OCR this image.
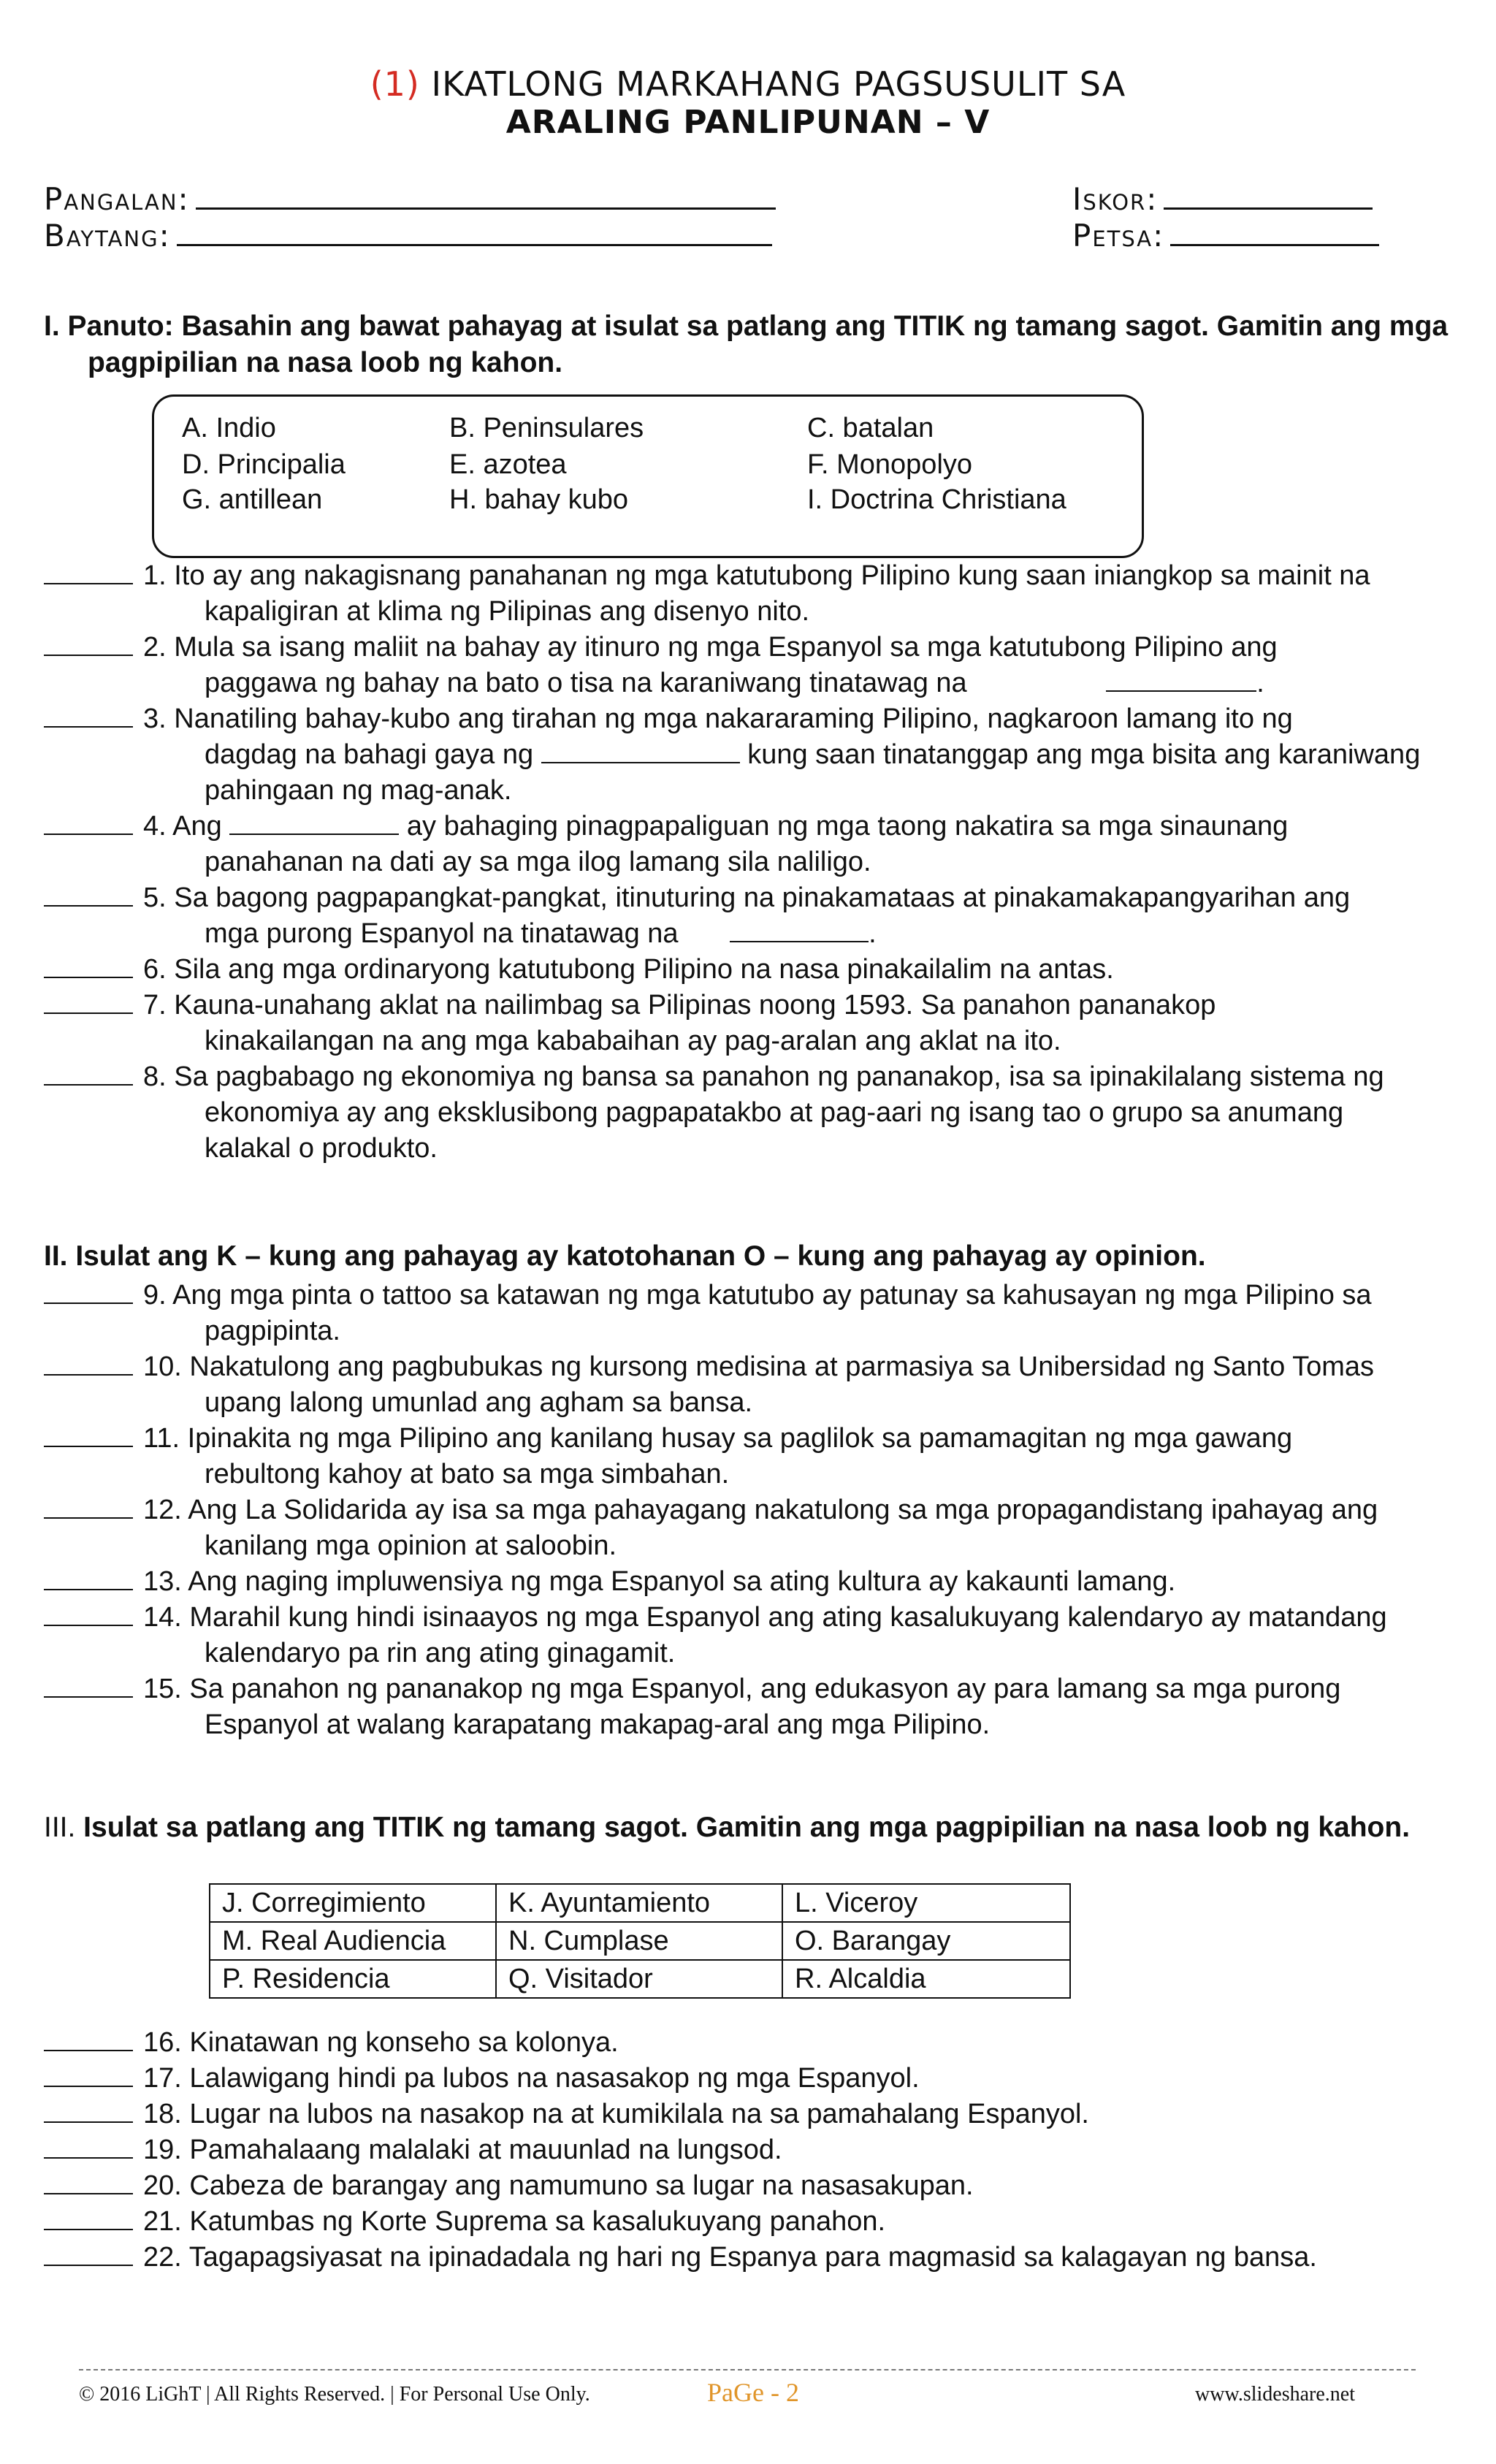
(1) IKATLONG MARKAHANG PAGSUSULIT SA
ARALING PANLIPUNAN – V
Pangalan:
Baytang:
Iskor:
Petsa:
I. Panuto: Basahin ang bawat pahayag at isulat sa patlang ang TITIK ng tamang sagot. Gamitin ang mga
pagpipilian na nasa loob ng kahon.
A. Indio	B. Peninsulares	C. batalan
D. Principalia	E. azotea	F. Monopolyo
G. antillean	H. bahay kubo	I. Doctrina Christiana
1. Ito ay ang nakagisnang panahanan ng mga katutubong Pilipino kung saan iniangkop sa mainit na
kapaligiran at klima ng Pilipinas ang disenyo nito.
2. Mula sa isang maliit na bahay ay itinuro ng mga Espanyol sa mga katutubong Pilipino ang
paggawa ng bahay na bato o tisa na karaniwang tinatawag na	.
3. Nanatiling bahay-kubo ang tirahan ng mga nakararaming Pilipino, nagkaroon lamang ito ng
dagdag na bahagi gaya ng	kung saan tinatanggap ang mga bisita ang karaniwang
pahingaan ng mag-anak.
4. Ang	ay bahaging pinagpapaliguan ng mga taong nakatira sa mga sinaunang
panahanan na dati ay sa mga ilog lamang sila naliligo.
5. Sa bagong pagpapangkat-pangkat, itinuturing na pinakamataas at pinakamakapangyarihan ang
mga purong Espanyol na tinatawag na	.
6. Sila ang mga ordinaryong katutubong Pilipino na nasa pinakailalim na antas.
7. Kauna-unahang aklat na nailimbag sa Pilipinas noong 1593. Sa panahon pananakop
kinakailangan na ang mga kababaihan ay pag-aralan ang aklat na ito.
8. Sa pagbabago ng ekonomiya ng bansa sa panahon ng pananakop, isa sa ipinakilalang sistema ng
ekonomiya ay ang eksklusibong pagpapatakbo at pag-aari ng isang tao o grupo sa anumang
kalakal o produkto.
II. Isulat ang K – kung ang pahayag ay katotohanan O – kung ang pahayag ay opinion.
9. Ang mga pinta o tattoo sa katawan ng mga katutubo ay patunay sa kahusayan ng mga Pilipino sa
pagpipinta.
10. Nakatulong ang pagbubukas ng kursong medisina at parmasiya sa Unibersidad ng Santo Tomas
upang lalong umunlad ang agham sa bansa.
11. Ipinakita ng mga Pilipino ang kanilang husay sa paglilok sa pamamagitan ng mga gawang
rebultong kahoy at bato sa mga simbahan.
12. Ang La Solidarida ay isa sa mga pahayagang nakatulong sa mga propagandistang ipahayag ang
kanilang mga opinion at saloobin.
13. Ang naging impluwensiya ng mga Espanyol sa ating kultura ay kakaunti lamang.
14. Marahil kung hindi isinaayos ng mga Espanyol ang ating kasalukuyang kalendaryo ay matandang
kalendaryo pa rin ang ating ginagamit.
15. Sa panahon ng pananakop ng mga Espanyol, ang edukasyon ay para lamang sa mga purong
Espanyol at walang karapatang makapag-aral ang mga Pilipino.
III. Isulat sa patlang ang TITIK ng tamang sagot. Gamitin ang mga pagpipilian na nasa loob ng kahon.
J. Corregimiento	K. Ayuntamiento	L. Viceroy
M. Real Audiencia	N. Cumplase	O. Barangay
P. Residencia	Q. Visitador	R. Alcaldia
16. Kinatawan ng konseho sa kolonya.
17. Lalawigang hindi pa lubos na nasasakop ng mga Espanyol.
18. Lugar na lubos na nasakop na at kumikilala na sa pamahalang Espanyol.
19. Pamahalaang malalaki at mauunlad na lungsod.
20. Cabeza de barangay ang namumuno sa lugar na nasasakupan.
21. Katumbas ng Korte Suprema sa kasalukuyang panahon.
22. Tagapagsiyasat na ipinadadala ng hari ng Espanya para magmasid sa kalagayan ng bansa.
© 2016 LiGhT | All Rights Reserved. | For Personal Use Only.	PaGe - 2	www.slideshare.net
